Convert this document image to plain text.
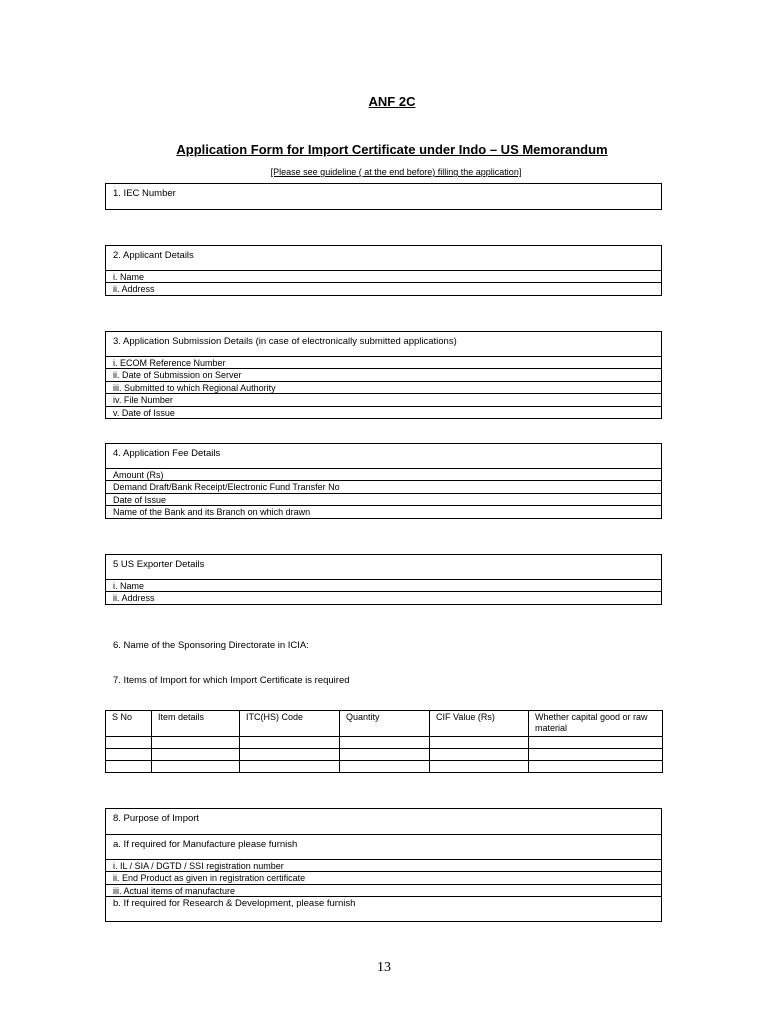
ANF 2C
Application Form for Import Certificate under Indo – US Memorandum
[Please see guideline ( at the end before) filling the application]
1. IEC Number
2. Applicant Details
i. Name
ii. Address
3. Application Submission Details (in case of electronically submitted applications)
i. ECOM Reference Number
ii. Date of Submission on Server
iii. Submitted to which Regional Authority
iv. File Number
v. Date of Issue
4. Application Fee Details
Amount (Rs)
Demand Draft/Bank Receipt/Electronic Fund Transfer No
Date of Issue
Name of the Bank and its Branch on which drawn
5 US Exporter Details
i. Name
ii. Address
6. Name of the Sponsoring Directorate in ICIA:
7. Items of Import for which Import Certificate is required
S No	Item details	ITC(HS) Code	Quantity	CIF Value (Rs)	Whether capital good or raw material

8. Purpose of Import
a. If required for Manufacture please furnish
i. IL / SIA / DGTD / SSI registration number
ii. End Product as given in registration certificate
iii. Actual items of manufacture
b. If required for Research & Development, please furnish
13
